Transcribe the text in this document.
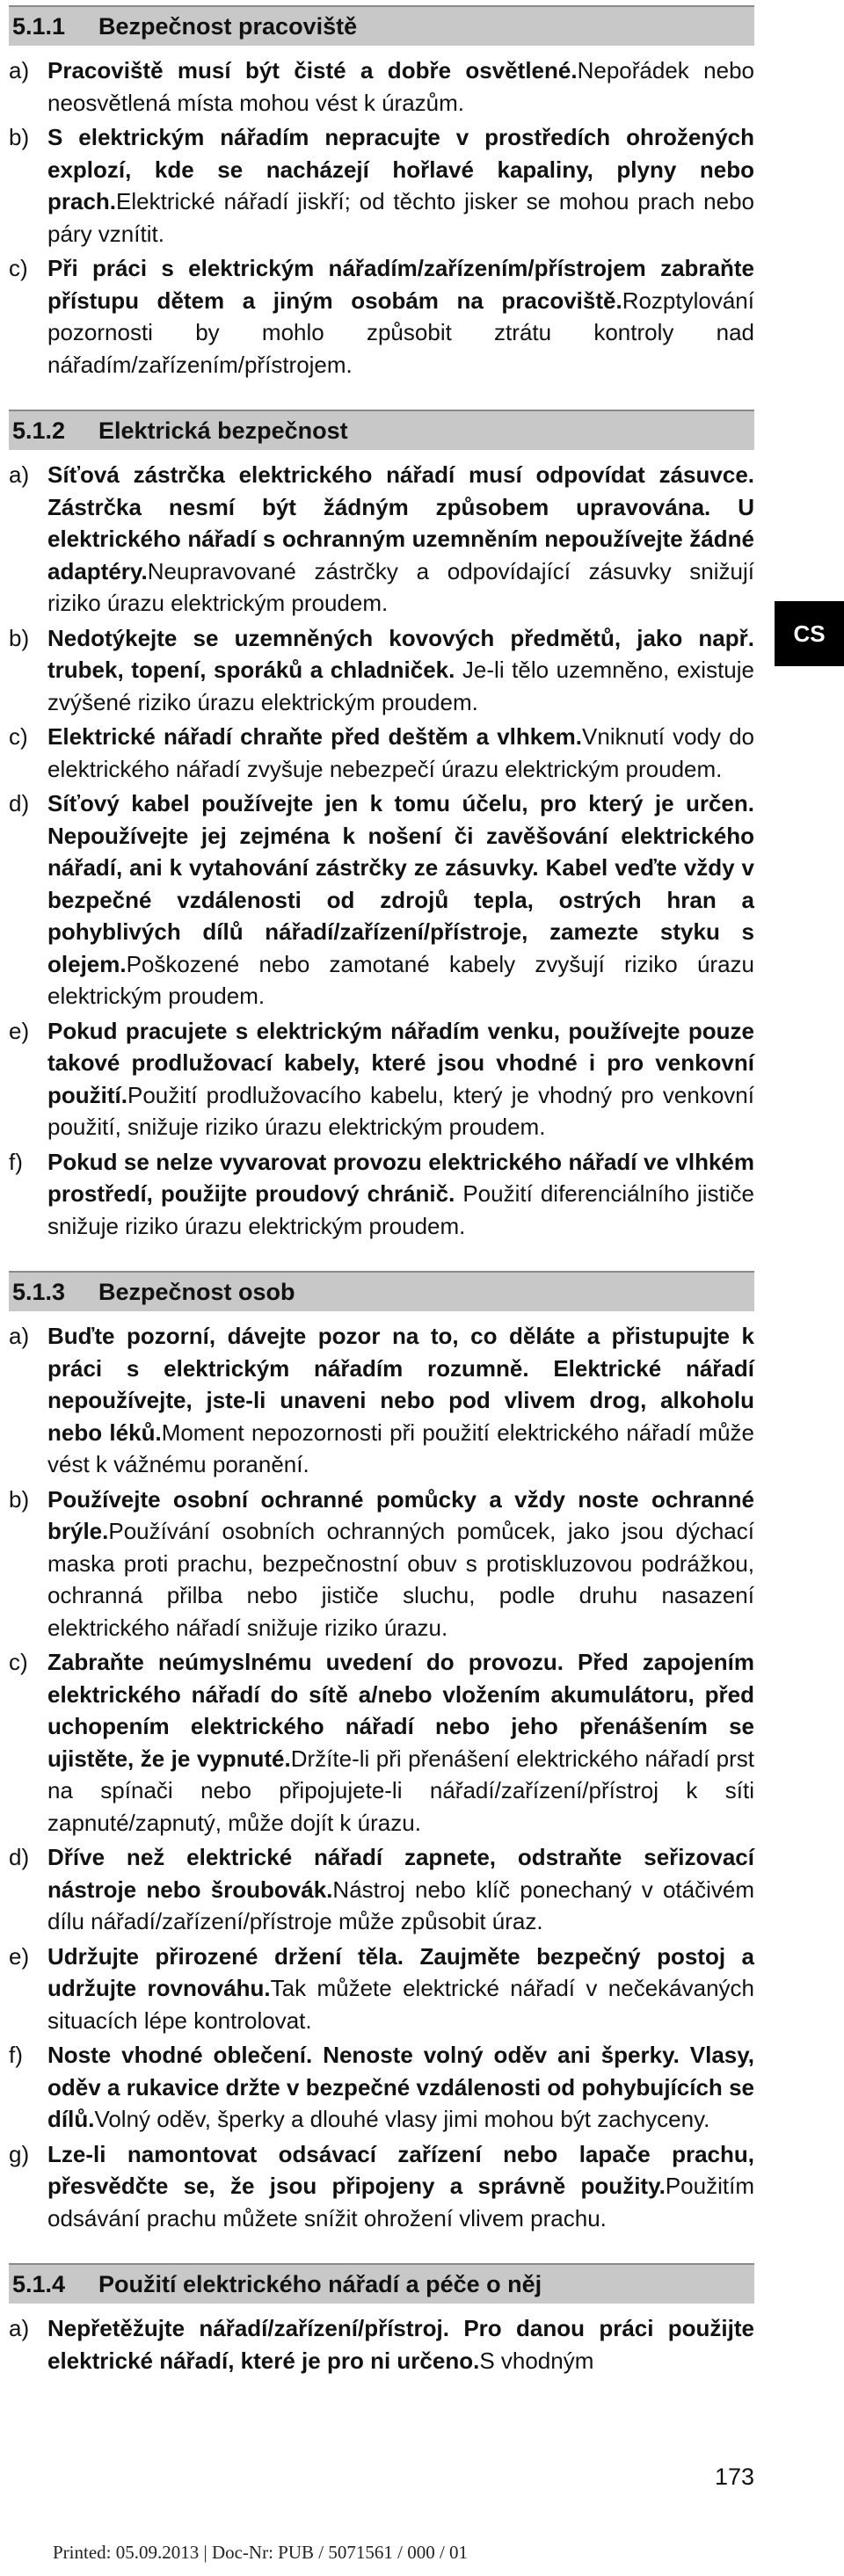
5.1.1	Bezpečnost pracoviště
a) Pracoviště musí být čisté a dobře osvětlené.Nepořádek nebo neosvětlená místa mohou vést k úrazům.
b) S elektrickým nářadím nepracujte v prostředích ohrožených explozí, kde se nacházejí hořlavé kapaliny, plyny nebo prach.Elektrické nářadí jiskří; od těchto jisker se mohou prach nebo páry vznítit.
c) Při práci s elektrickým nářadím/zařízením/přístrojem zabraňte přístupu dětem a jiným osobám na pracoviště.Rozptylování pozornosti by mohlo způsobit ztrátu kontroly nad nářadím/zařízením/přístrojem.
5.1.2	Elektrická bezpečnost
a) Síťová zástrčka elektrického nářadí musí odpovídat zásuvce. Zástrčka nesmí být žádným způsobem upravována. U elektrického nářadí s ochranným uzemněním nepoužívejte žádné adaptéry.Neupravované zástrčky a odpovídající zásuvky snižují riziko úrazu elektrickým proudem.
b) Nedotýkejte se uzemněných kovových předmětů, jako např. trubek, topení, sporáků a chladniček. Je-li tělo uzemněno, existuje zvýšené riziko úrazu elektrickým proudem.
c) Elektrické nářadí chraňte před deštěm a vlhkem.Vniknutí vody do elektrického nářadí zvyšuje nebezpečí úrazu elektrickým proudem.
d) Síťový kabel používejte jen k tomu účelu, pro který je určen. Nepoužívejte jej zejména k nošení či zavěšování elektrického nářadí, ani k vytahování zástrčky ze zásuvky. Kabel veďte vždy v bezpečné vzdálenosti od zdrojů tepla, ostrých hran a pohyblivých dílů nářadí/zařízení/přístroje, zamezte styku s olejem.Poškozené nebo zamotané kabely zvyšují riziko úrazu elektrickým proudem.
e) Pokud pracujete s elektrickým nářadím venku, používejte pouze takové prodlužovací kabely, které jsou vhodné i pro venkovní použití.Použití prodlužovacího kabelu, který je vhodný pro venkovní použití, snižuje riziko úrazu elektrickým proudem.
f)	Pokud se nelze vyvarovat provozu elektrického nářadí ve vlhkém prostředí, použijte proudový chránič. Použití diferenciálního jističe snižuje riziko úrazu elektrickým proudem.
5.1.3	Bezpečnost osob
a) Buďte pozorní, dávejte pozor na to, co děláte a přistupujte k práci s elektrickým nářadím rozumně. Elektrické nářadí nepoužívejte, jste-li unaveni nebo pod vlivem drog, alkoholu nebo léků.Moment nepozornosti při použití elektrického nářadí může vést k vážnému poranění.
b) Používejte osobní ochranné pomůcky a vždy noste ochranné brýle.Používání osobních ochranných pomůcek, jako jsou dýchací maska proti prachu, bezpečnostní obuv s protiskluzovou podrážkou, ochranná přilba nebo jističe sluchu, podle druhu nasazení elektrického nářadí snižuje riziko úrazu.
c) Zabraňte neúmyslnému uvedení do provozu. Před zapojením elektrického nářadí do sítě a/nebo vložením akumulátoru, před uchopením elektrického nářadí nebo jeho přenášením se ujistěte, že je vypnuté.Držíte-li při přenášení elektrického nářadí prst na spínači nebo připojujete-li nářadí/zařízení/přístroj k síti zapnuté/zapnutý, může dojít k úrazu.
d) Dříve než elektrické nářadí zapnete, odstraňte seřizovací nástroje nebo šroubovák.Nástroj nebo klíč ponechaný v otáčivém dílu nářadí/zařízení/přístroje může způsobit úraz.
e) Udržujte přirozené držení těla. Zaujměte bezpečný postoj a udržujte rovnováhu.Tak můžete elektrické nářadí v nečekávaných situacích lépe kontrolovat.
f)	Noste vhodné oblečení. Nenoste volný oděv ani šperky. Vlasy, oděv a rukavice držte v bezpečné vzdálenosti od pohybujících se dílů.Volný oděv, šperky a dlouhé vlasy jimi mohou být zachyceny.
g) Lze-li namontovat odsávací zařízení nebo lapače prachu, přesvědčte se, že jsou připojeny a správně použity.Použitím odsávání prachu můžete snížit ohrožení vlivem prachu.
5.1.4	Použití elektrického nářadí a péče o něj
a) Nepřetěžujte nářadí/zařízení/přístroj. Pro danou práci použijte elektrické nářadí, které je pro ni určeno.S vhodným
CS
173
Printed: 05.09.2013 | Doc-Nr: PUB / 5071561 / 000 / 01
